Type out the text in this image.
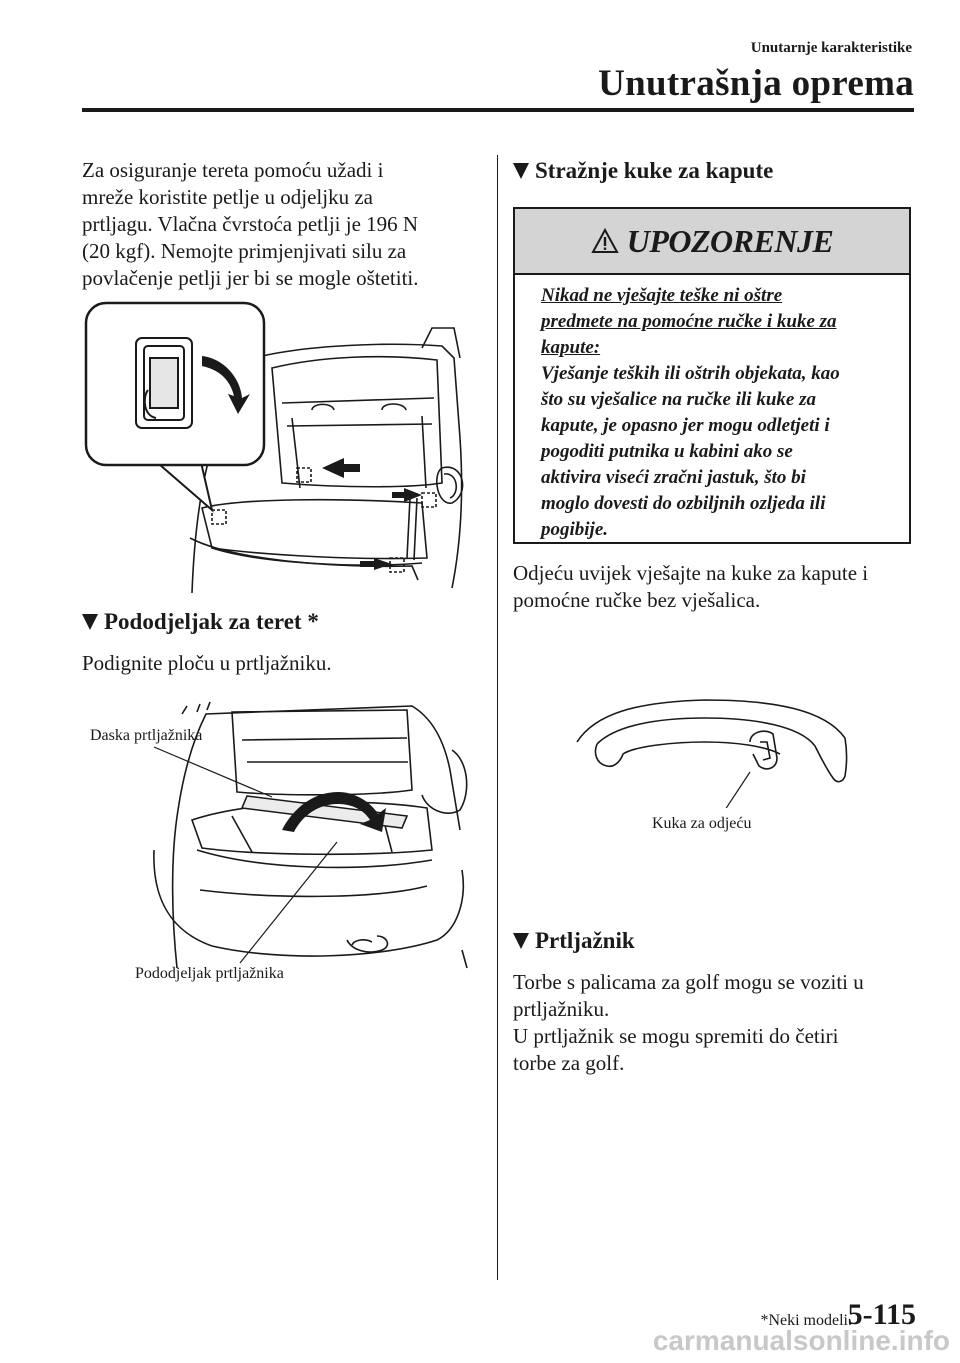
Unutarnje karakteristike
Unutrašnja oprema
Za osiguranje tereta pomoću užadi i
mreže koristite petlje u odjeljku za
prtljagu. Vlačna čvrstoća petlji je 196 N
(20 kgf). Nemojte primjenjivati silu za
povlačenje petlji jer bi se mogle oštetiti.
Pododjeljak za teret *
Podignite ploču u prtljažniku.
Daska prtljažnika
Pododjeljak prtljažnika
Stražnje kuke za kapute
UPOZORENJE
Nikad ne vješajte teške ni oštre
predmete na pomoćne ručke i kuke za
kapute:
Vješanje teških ili oštrih objekata, kao
što su vješalice na ručke ili kuke za
kapute, je opasno jer mogu odletjeti i
pogoditi putnika u kabini ako se
aktivira viseći zračni jastuk, što bi
moglo dovesti do ozbiljnih ozljeda ili
pogibije.
Odjeću uvijek vješajte na kuke za kapute i
pomoćne ručke bez vješalica.
Kuka za odjeću
Prtljažnik
Torbe s palicama za golf mogu se voziti u
prtljažniku.
U prtljažnik se mogu spremiti do četiri
torbe za golf.
*Neki modeli.
5-115
carmanualsonline.info
